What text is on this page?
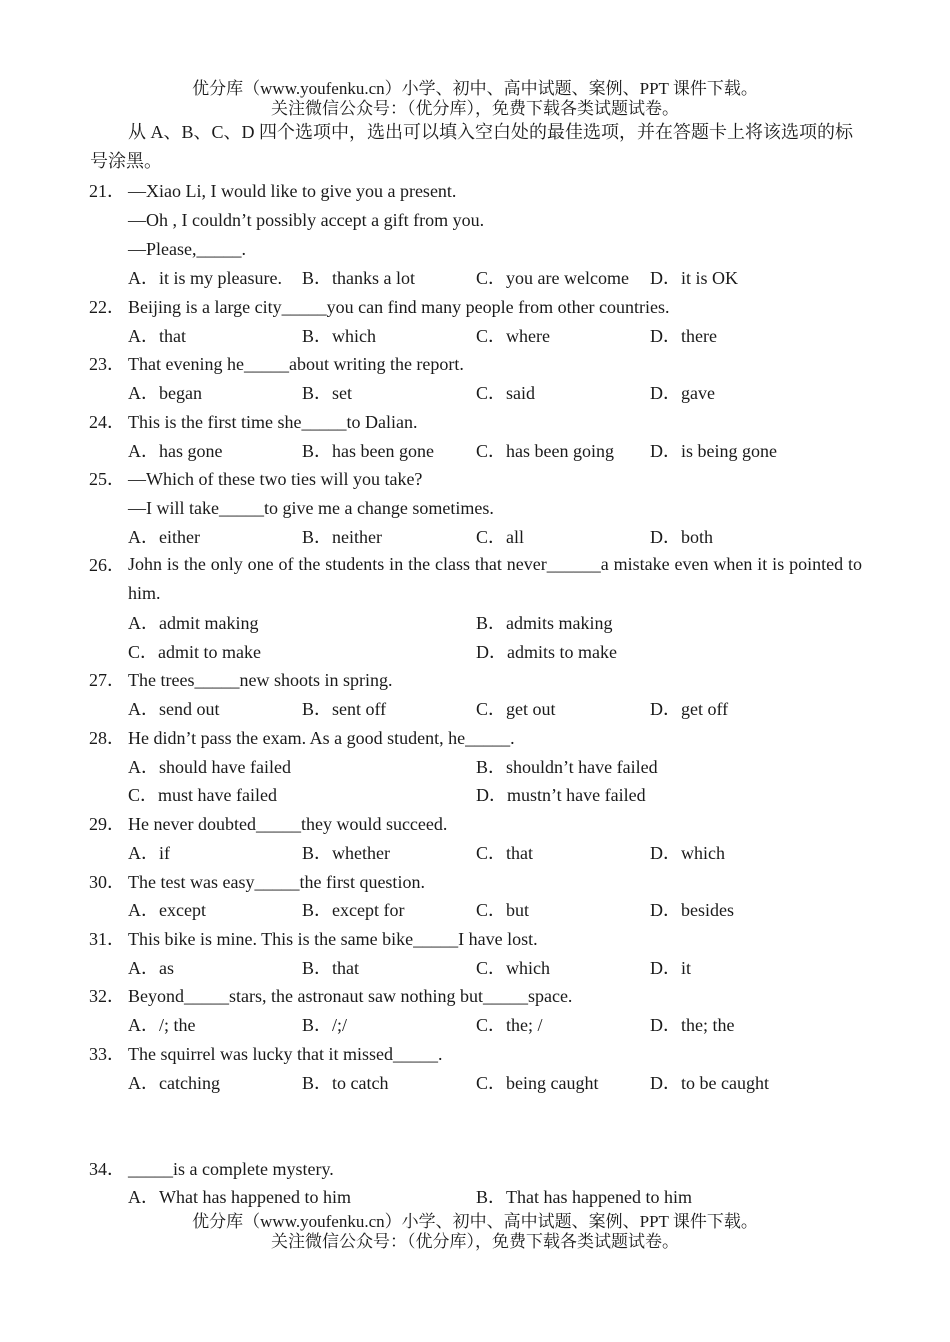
优分库（www.youfenku.cn）小学、初中、高中试题、案例、PPT 课件下载。
关注微信公众号：（优分库），免费下载各类试题试卷。
从 A、B、C、D 四个选项中，选出可以填入空白处的最佳选项，并在答题卡上将该选项的标号涂黑。
21． —Xiao Li, I would like to give you a present.
—Oh , I couldn’t possibly accept a gift from you.
—Please,_____.
A．it is my pleasure. B．thanks a lot	C．you are welcome D．it is OK
22． Beijing is a large city_____you can find many people from other countries.
A．that	B．which	C．where	D．there
23． That evening he_____about writing the report.
A．began	B．set	C．said	D．gave
24． This is the first time she_____to Dalian.
A．has gone	B．has been gone C．has been going D．is being gone
25． —Which of these two ties will you take?
—I will take_____to give me a change sometimes.
A．either	B．neither	C．all	D．both
26． John is the only one of the students in the class that never______a mistake even when it is pointed to him.
A．admit making	B．admits making
C．admit to make	D．admits to make
27． The trees_____new shoots in spring.
A．send out	B．sent off	C．get out	D．get off
28． He didn’t pass the exam. As a good student, he_____.
A．should have failed	B．shouldn’t have failed
C．must have failed	D．mustn’t have failed
29． He never doubted_____they would succeed.
A．if	B．whether	C．that	D．which
30． The test was easy_____the first question.
A．except	B．except for	C．but	D．besides
31． This bike is mine. This is the same bike_____I have lost.
A．as	B．that	C．which	D．it
32． Beyond_____stars, the astronaut saw nothing but_____space.
A．/; the	B．/;/	C．the; /	D．the; the
33． The squirrel was lucky that it missed_____.
A．catching	B．to catch	C．being caught	D．to be caught
34． _____is a complete mystery.
A．What has happened to him	B．That has happened to him
优分库（www.youfenku.cn）小学、初中、高中试题、案例、PPT 课件下载。
关注微信公众号：（优分库），免费下载各类试题试卷。
